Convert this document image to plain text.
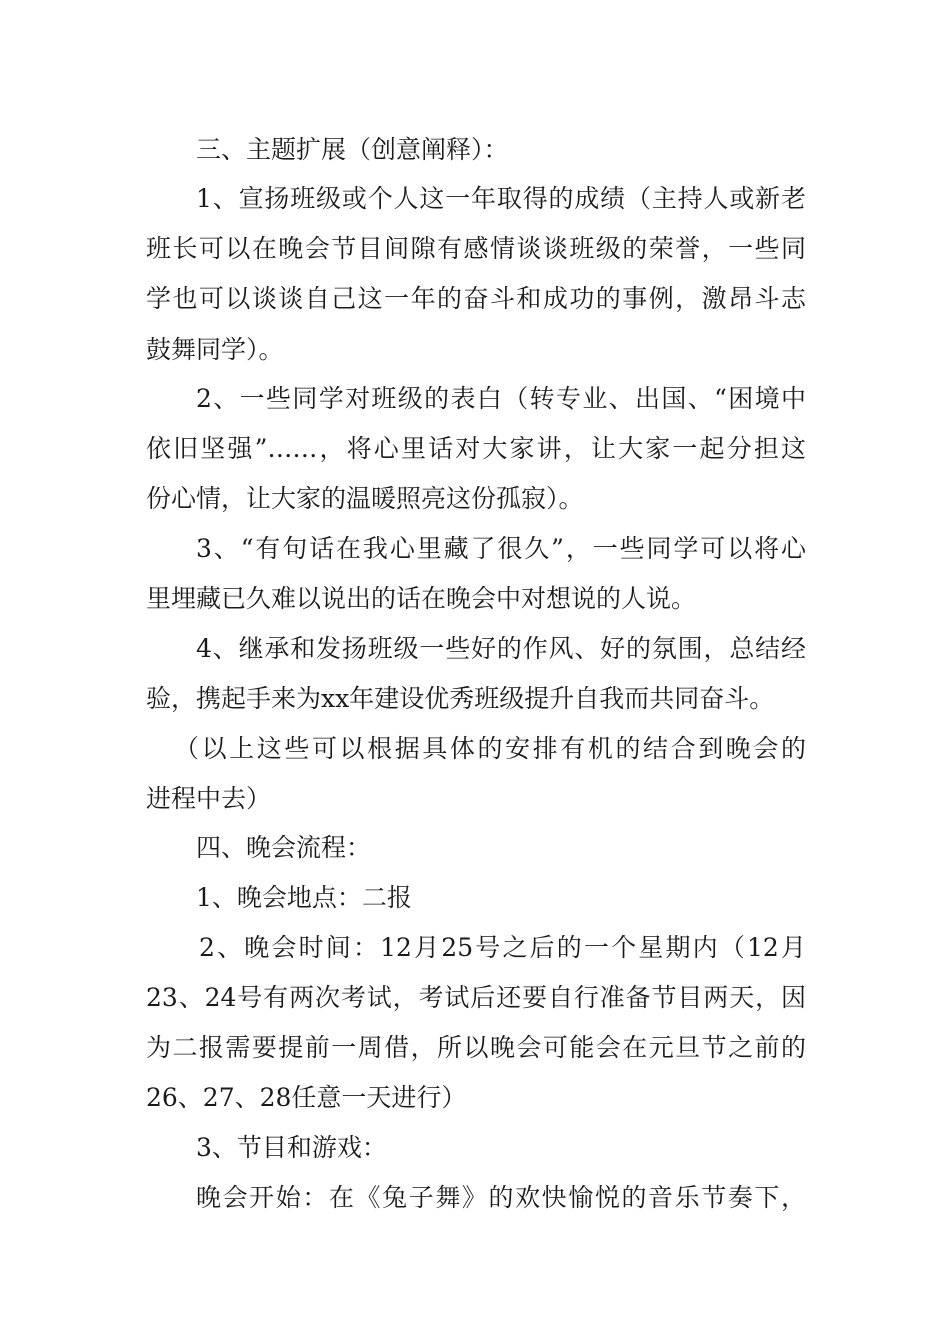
三、主题扩展（创意阐释）：
1、宣扬班级或个人这一年取得的成绩（主持人或新老
班长可以在晚会节目间隙有感情谈谈班级的荣誉，一些同
学也可以谈谈自己这一年的奋斗和成功的事例，激昂斗志
鼓舞同学）。
2、一些同学对班级的表白（转专业、出国、“困境中
依旧坚强”……，将心里话对大家讲，让大家一起分担这
份心情，让大家的温暖照亮这份孤寂）。
3、“有句话在我心里藏了很久”，一些同学可以将心
里埋藏已久难以说出的话在晚会中对想说的人说。
4、继承和发扬班级一些好的作风、好的氛围，总结经
验，携起手来为xx年建设优秀班级提升自我而共同奋斗。
（以上这些可以根据具体的安排有机的结合到晚会的
进程中去）
四、晚会流程：
1、晚会地点：二报
2、晚会时间：12月25号之后的一个星期内（12月
23、24号有两次考试，考试后还要自行准备节目两天，因
为二报需要提前一周借，所以晚会可能会在元旦节之前的
26、27、28任意一天进行）
3、节目和游戏：
晚会开始：在《兔子舞》的欢快愉悦的音乐节奏下，
